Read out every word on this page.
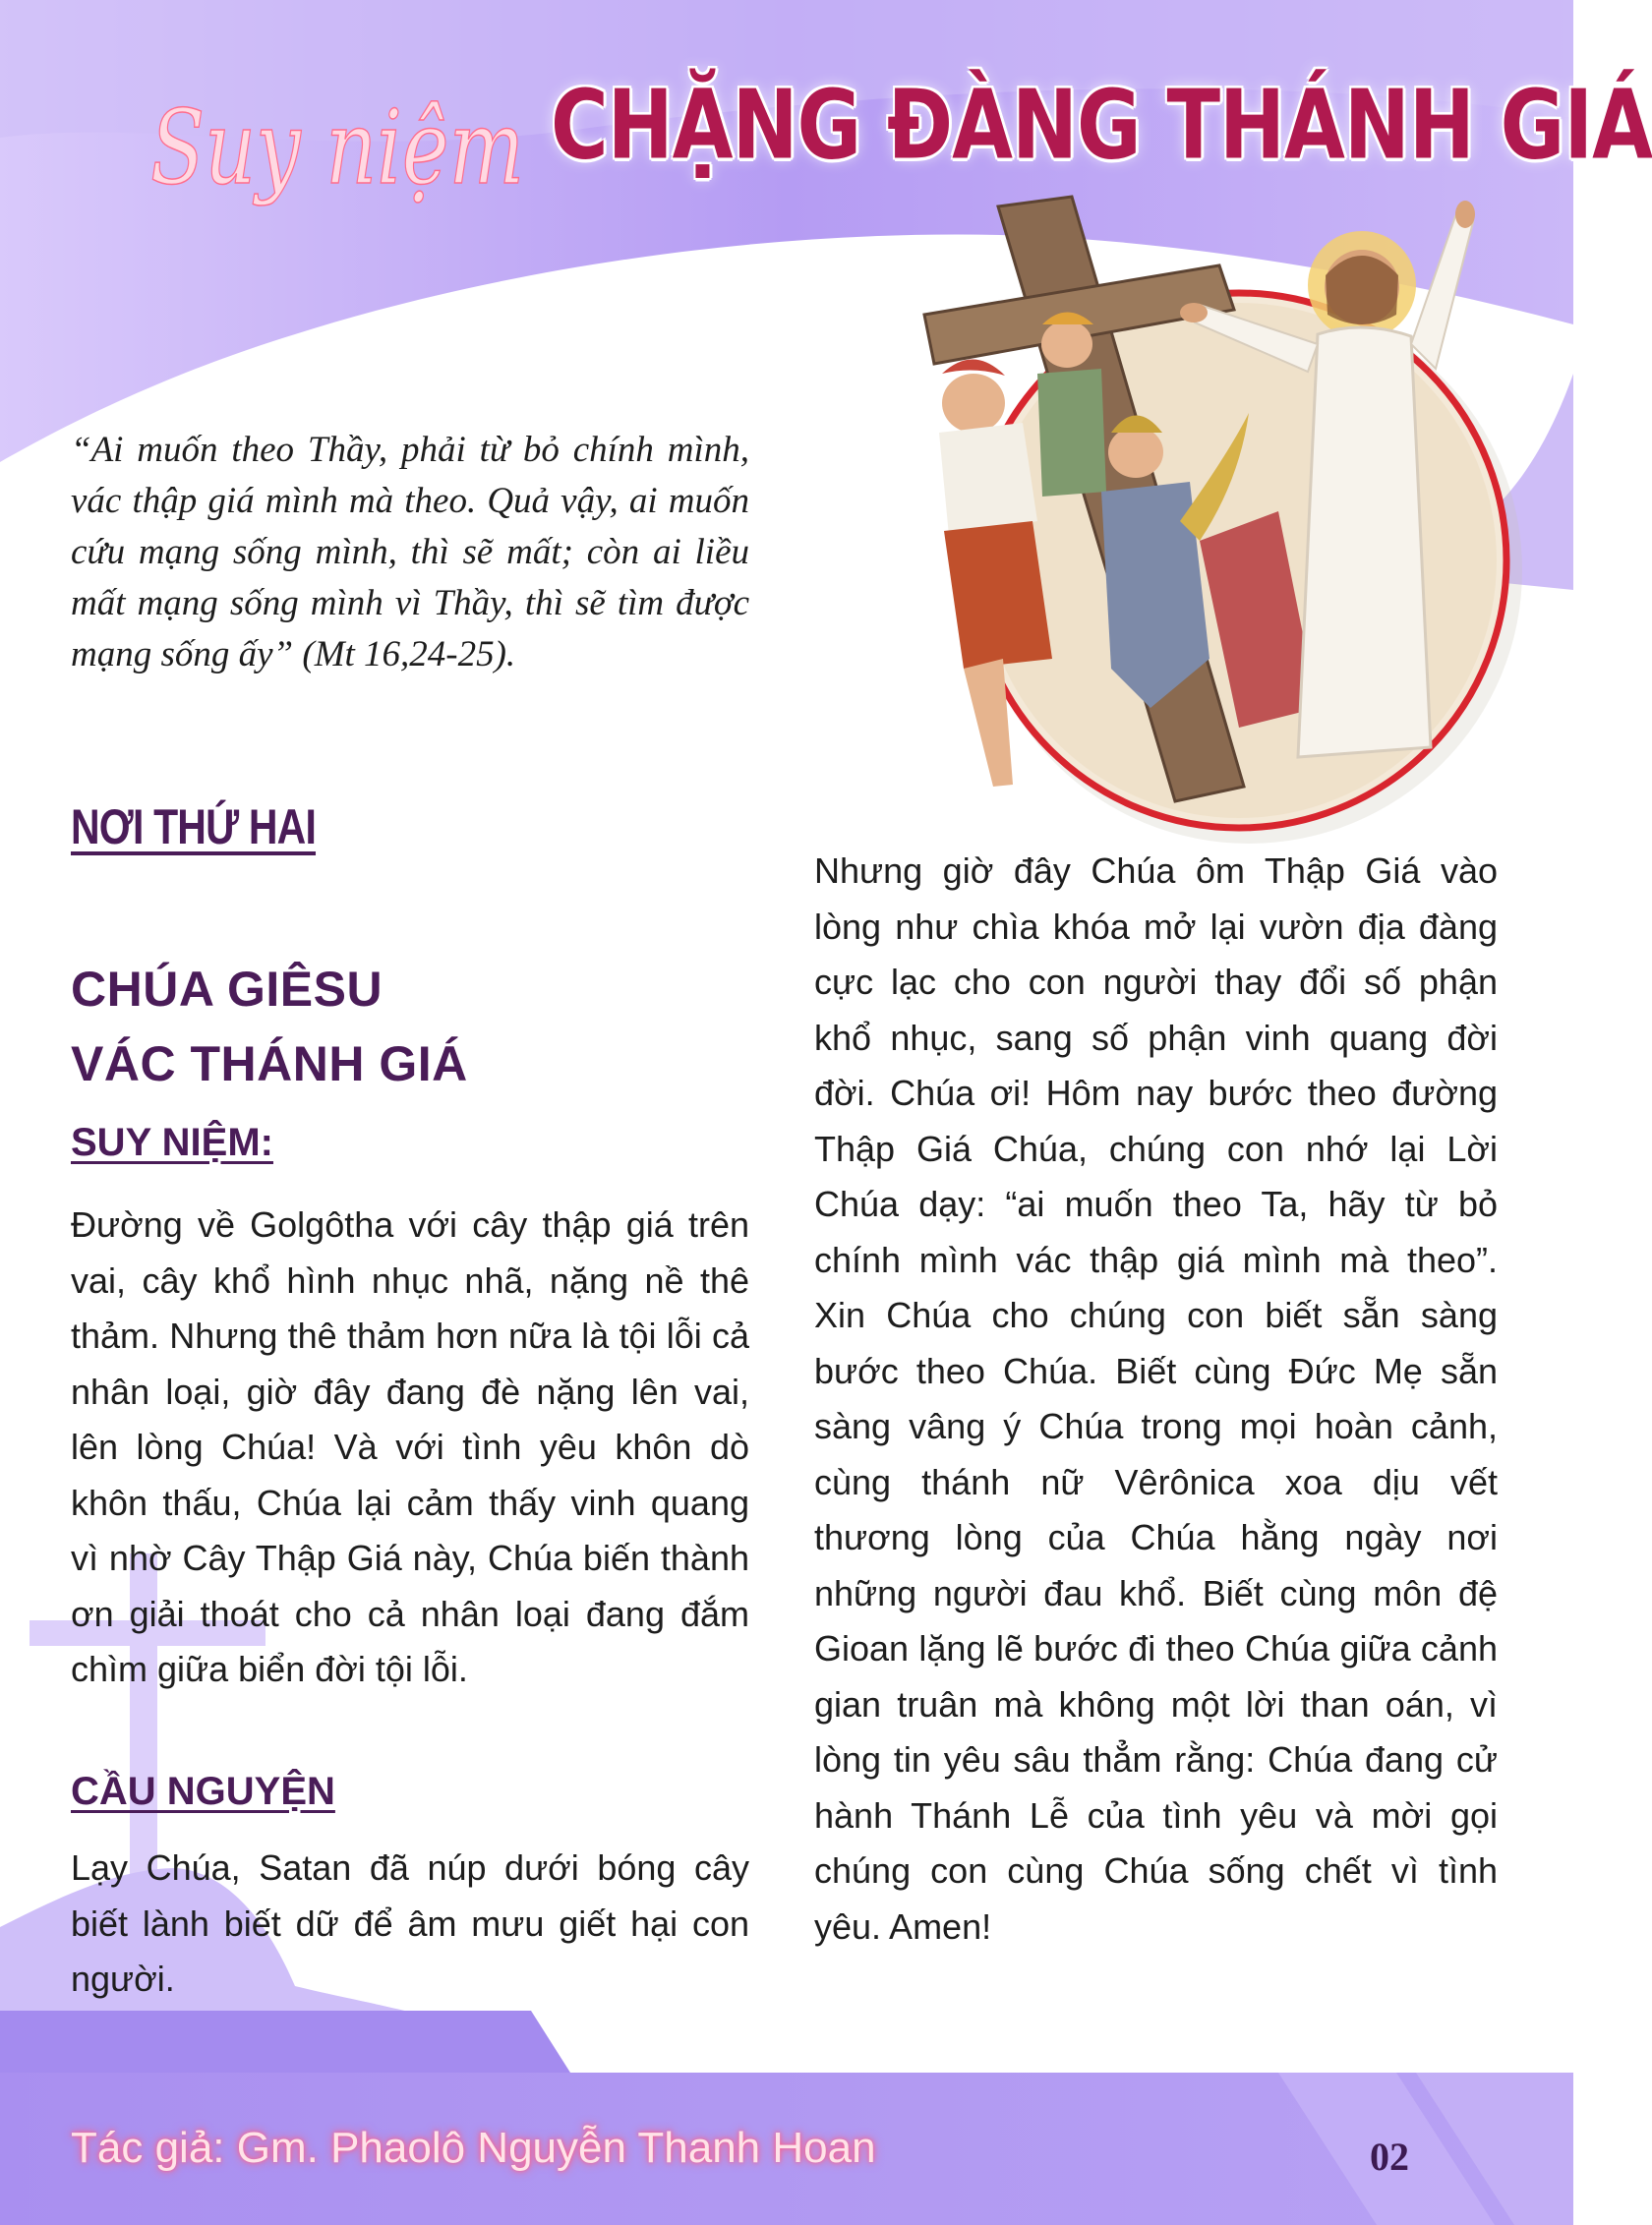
Suy niệm CHẶNG ĐÀNG THÁNH GIÁ

“Ai muốn theo Thầy, phải từ bỏ chính mình, vác thập giá mình mà theo. Quả vậy, ai muốn cứu mạng sống mình, thì sẽ mất; còn ai liều mất mạng sống mình vì Thầy, thì sẽ tìm được mạng sống ấy” (Mt 16,24-25).

NƠI THỨ HAI
CHÚA GIÊSU
VÁC THÁNH GIÁ
SUY NIỆM:

Đường về Golgôtha với cây thập giá trên vai, cây khổ hình nhục nhã, nặng nề thê thảm. Nhưng thê thảm hơn nữa là tội lỗi cả nhân loại, giờ đây đang đè nặng lên vai, lên lòng Chúa! Và với tình yêu khôn dò khôn thấu, Chúa lại cảm thấy vinh quang vì nhờ Cây Thập Giá này, Chúa biến thành ơn giải thoát cho cả nhân loại đang đắm chìm giữa biển đời tội lỗi.

CẦU NGUYỆN

Lạy Chúa, Satan đã núp dưới bóng cây biết lành biết dữ để âm mưu giết hại con người.

Nhưng giờ đây Chúa ôm Thập Giá vào lòng như chìa khóa mở lại vườn địa đàng cực lạc cho con người thay đổi số phận khổ nhục, sang số phận vinh quang đời đời. Chúa ơi! Hôm nay bước theo đường Thập Giá Chúa, chúng con nhớ lại Lời Chúa dạy: “ai muốn theo Ta, hãy từ bỏ chính mình vác thập giá mình mà theo”. Xin Chúa cho chúng con biết sẵn sàng bước theo Chúa. Biết cùng Đức Mẹ sẵn sàng vâng ý Chúa trong mọi hoàn cảnh, cùng thánh nữ Vêrônica xoa dịu vết thương lòng của Chúa hằng ngày nơi những người đau khổ. Biết cùng môn đệ Gioan lặng lẽ bước đi theo Chúa giữa cảnh gian truân mà không một lời than oán, vì lòng tin yêu sâu thẳm rằng: Chúa đang cử hành Thánh Lễ của tình yêu và mời gọi chúng con cùng Chúa sống chết vì tình yêu. Amen!

Tác giả: Gm. Phaolô Nguyễn Thanh Hoan	02
